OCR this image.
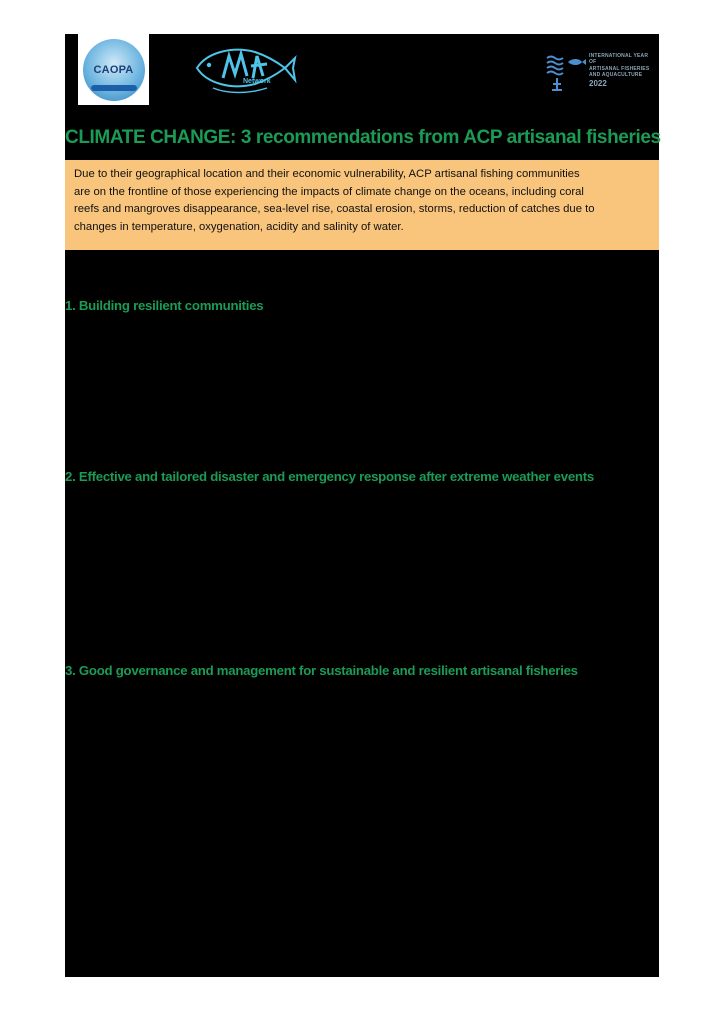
CAOPA
Network
INTERNATIONAL YEAR OF
ARTISANAL FISHERIES
AND AQUACULTURE
2022
CLIMATE CHANGE: 3 recommendations from ACP artisanal fisheries
Due to their geographical location and their economic vulnerability, ACP artisanal fishing communities
are on the frontline of those experiencing the impacts of climate change on the oceans, including coral
reefs and mangroves disappearance, sea-level rise, coastal erosion, storms, reduction of catches due to
changes in temperature, oxygenation, acidity and salinity of water.
1. Building resilient communities
2. Effective and tailored disaster and emergency response after extreme weather events
3. Good governance and management for sustainable and resilient artisanal fisheries
